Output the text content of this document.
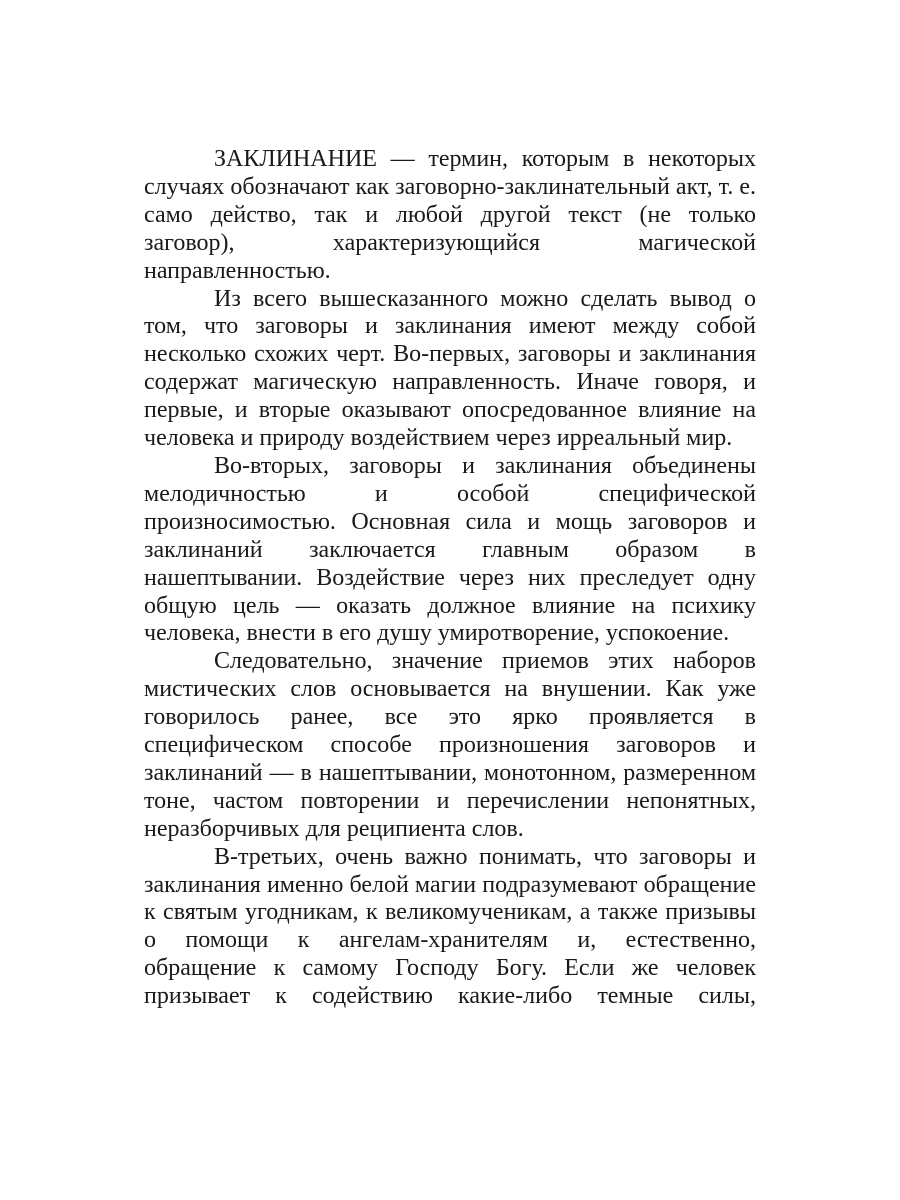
ЗАКЛИНАНИЕ — термин, которым в некоторых случаях обозначают как заговорно-заклинательный акт, т. е. само действо, так и любой другой текст (не только заговор), характеризующийся магической направленностью.

Из всего вышесказанного можно сделать вывод о том, что заговоры и заклинания имеют между собой несколько схожих черт. Во-первых, заговоры и заклинания содержат магическую направленность. Иначе говоря, и первые, и вторые оказывают опосредованное влияние на человека и природу воздействием через ирреальный мир.

Во-вторых, заговоры и заклинания объединены мелодичностью и особой специфической произносимостью. Основная сила и мощь заговоров и заклинаний заключается главным образом в нашептывании. Воздействие через них преследует одну общую цель — оказать должное влияние на психику человека, внести в его душу умиротворение, успокоение.

Следовательно, значение приемов этих наборов мистических слов основывается на внушении. Как уже говорилось ранее, все это ярко проявляется в специфическом способе произношения заговоров и заклинаний — в нашептывании, монотонном, размеренном тоне, частом повторении и перечислении непонятных, неразборчивых для реципиента слов.

В-третьих, очень важно понимать, что заговоры и заклинания именно белой магии подразумевают обращение к святым угодникам, к великомученикам, а также призывы о помощи к ангелам-хранителям и, естественно, обращение к самому Господу Богу. Если же человек призывает к содействию какие-либо темные силы,
